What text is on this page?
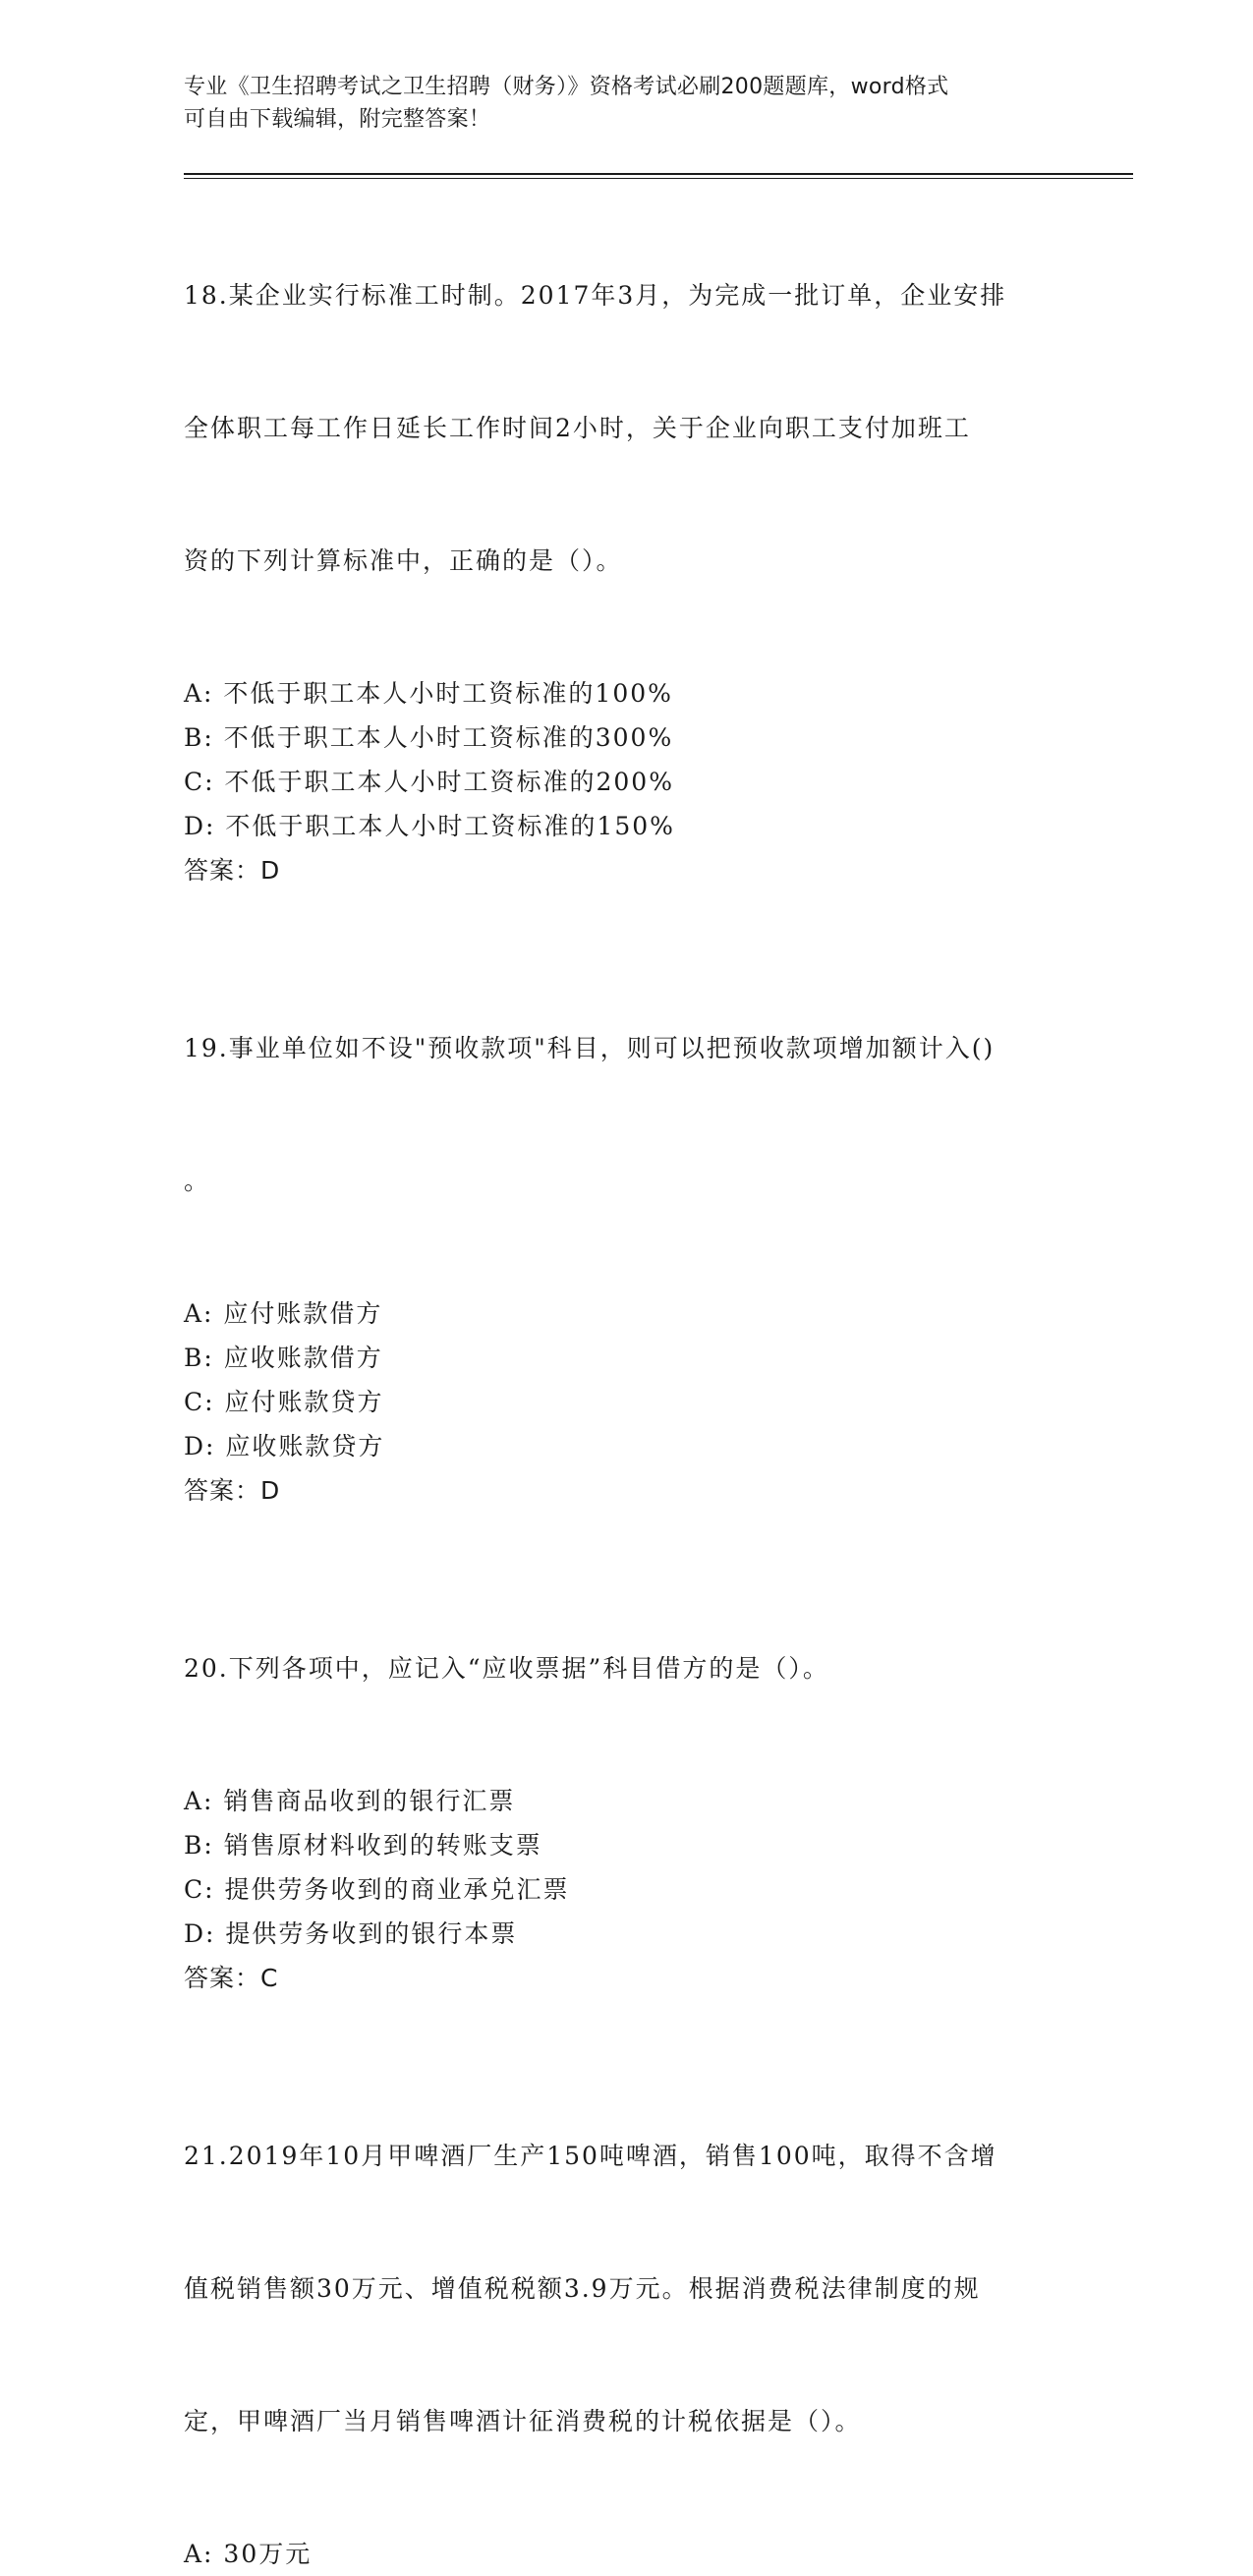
专业《卫生招聘考试之卫生招聘（财务）》资格考试必刷200题题库，word格式
可自由下载编辑，附完整答案！

18.某企业实行标准工时制。2017年3月，为完成一批订单，企业安排

全体职工每工作日延长工作时间2小时，关于企业向职工支付加班工

资的下列计算标准中，正确的是（）。

A: 不低于职工本人小时工资标准的100%
B: 不低于职工本人小时工资标准的300%
C: 不低于职工本人小时工资标准的200%
D: 不低于职工本人小时工资标准的150%
答案：D

19.事业单位如不设"预收款项"科目，则可以把预收款项增加额计入()

。

A: 应付账款借方
B: 应收账款借方
C: 应付账款贷方
D: 应收账款贷方
答案：D

20.下列各项中，应记入“应收票据”科目借方的是（）。

A: 销售商品收到的银行汇票
B: 销售原材料收到的转账支票
C: 提供劳务收到的商业承兑汇票
D: 提供劳务收到的银行本票
答案：C

21.2019年10月甲啤酒厂生产150吨啤酒，销售100吨，取得不含增

值税销售额30万元、增值税税额3.9万元。根据消费税法律制度的规

定，甲啤酒厂当月销售啤酒计征消费税的计税依据是（）。

A: 30万元
